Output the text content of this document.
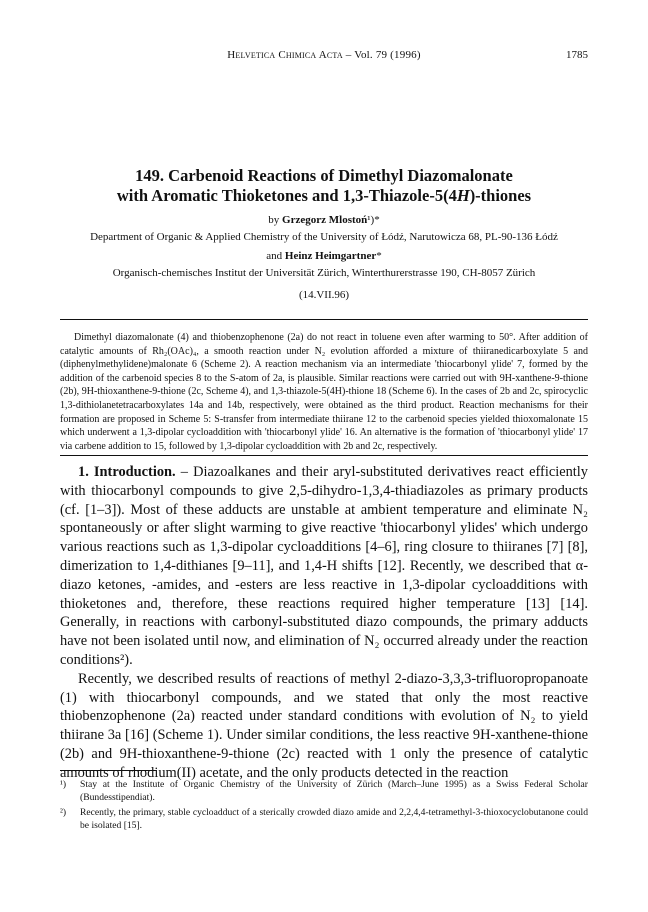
Helvetica Chimica Acta – Vol. 79 (1996)	1785
149. Carbenoid Reactions of Dimethyl Diazomalonate
with Aromatic Thioketones and 1,3-Thiazole-5(4H)-thiones
by Grzegorz Mlostoń¹)*
Department of Organic & Applied Chemistry of the University of Łódź, Narutowicza 68, PL-90-136 Łódź
and Heinz Heimgartner*
Organisch-chemisches Institut der Universität Zürich, Winterthurerstrasse 190, CH-8057 Zürich
(14.VII.96)

Dimethyl diazomalonate (4) and thiobenzophenone (2a) do not react in toluene even after warming to 50°. After addition of catalytic amounts of Rh₂(OAc)₄, a smooth reaction under N₂ evolution afforded a mixture of thiiranedicarboxylate 5 and (diphenylmethylidene)malonate 6 (Scheme 2). A reaction mechanism via an intermediate 'thiocarbonyl ylide' 7, formed by the addition of the carbenoid species 8 to the S-atom of 2a, is plausible. Similar reactions were carried out with 9H-xanthene-9-thione (2b), 9H-thioxanthene-9-thione (2c, Scheme 4), and 1,3-thiazole-5(4H)-thione 18 (Scheme 6). In the cases of 2b and 2c, spirocyclic 1,3-dithiolanetetracarboxylates 14a and 14b, respectively, were obtained as the third product. Reaction mechanisms for their formation are proposed in Scheme 5: S-transfer from intermediate thiirane 12 to the carbenoid species yielded thioxomalonate 15 which underwent a 1,3-dipolar cycloaddition with 'thiocarbonyl ylide' 16. An alternative is the formation of 'thiocarbonyl ylide' 17 via carbene addition to 15, followed by 1,3-dipolar cycloaddition with 2b and 2c, respectively.

1. Introduction. – Diazoalkanes and their aryl-substituted derivatives react efficiently with thiocarbonyl compounds to give 2,5-dihydro-1,3,4-thiadiazoles as primary products (cf. [1–3]). Most of these adducts are unstable at ambient temperature and eliminate N₂ spontaneously or after slight warming to give reactive 'thiocarbonyl ylides' which undergo various reactions such as 1,3-dipolar cycloadditions [4–6], ring closure to thiiranes [7] [8], dimerization to 1,4-dithianes [9–11], and 1,4-H shifts [12]. Recently, we described that α-diazo ketones, -amides, and -esters are less reactive in 1,3-dipolar cycloadditions with thioketones and, therefore, these reactions required higher temperature [13] [14]. Generally, in reactions with carbonyl-substituted diazo compounds, the primary adducts have not been isolated until now, and elimination of N₂ occurred already under the reaction conditions²).

Recently, we described results of reactions of methyl 2-diazo-3,3,3-trifluoropropanoate (1) with thiocarbonyl compounds, and we stated that only the most reactive thiobenzophenone (2a) reacted under standard conditions with evolution of N₂ to yield thiirane 3a [16] (Scheme 1). Under similar conditions, the less reactive 9H-xanthene-thione (2b) and 9H-thioxanthene-9-thione (2c) reacted with 1 only the presence of catalytic amounts of rhodium(II) acetate, and the only products detected in the reaction

¹) Stay at the Institute of Organic Chemistry of the University of Zürich (March–June 1995) as a Swiss Federal Scholar (Bundesstipendiat).
²) Recently, the primary, stable cycloadduct of a sterically crowded diazo amide and 2,2,4,4-tetramethyl-3-thioxocyclobutanone could be isolated [15].
